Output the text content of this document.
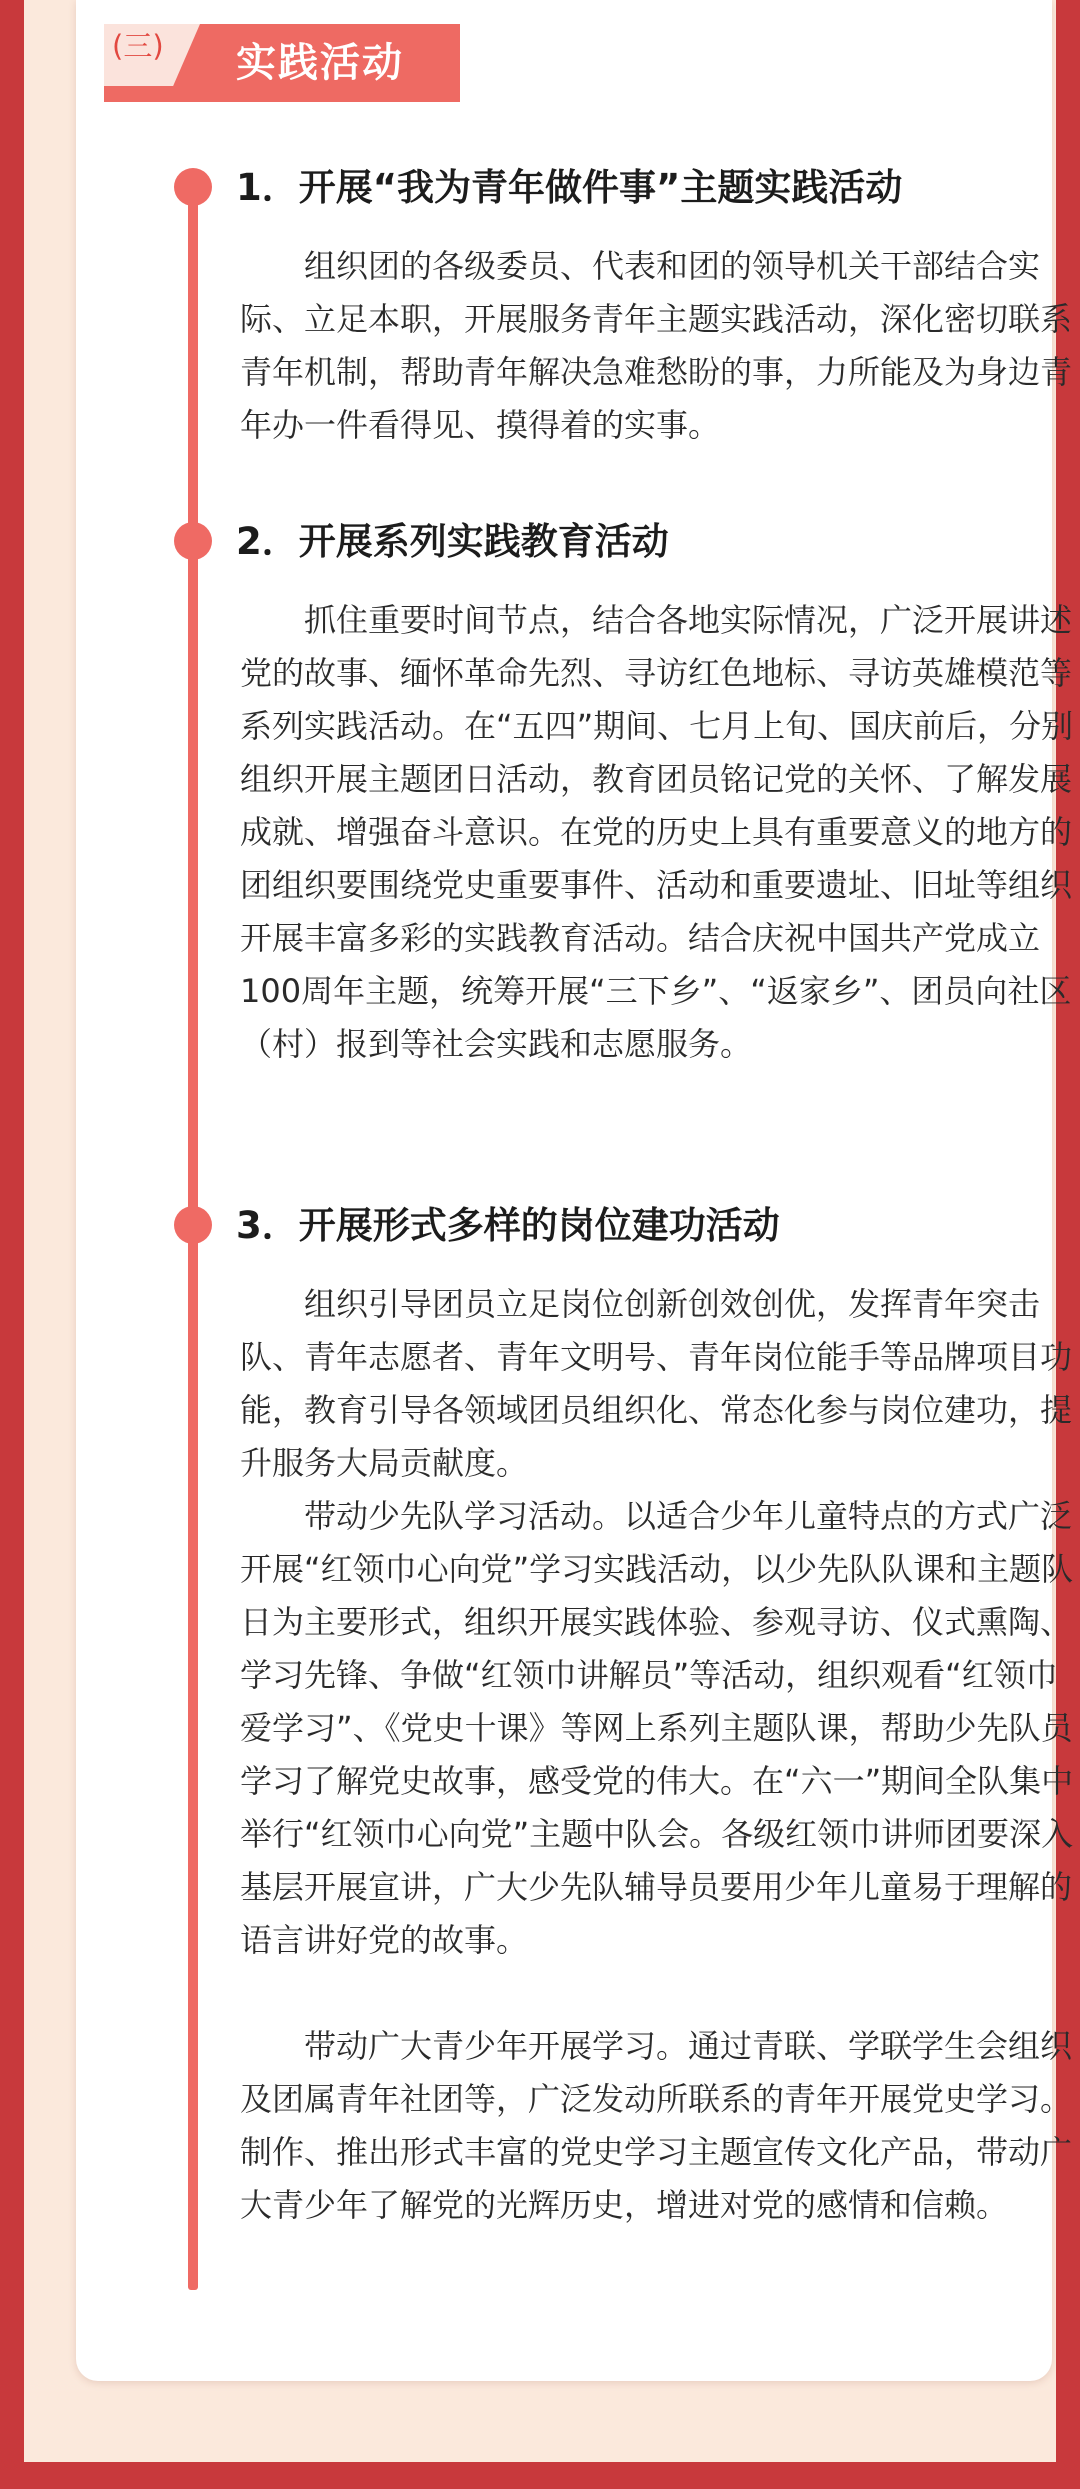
(三) 实践活动
1．开展“我为青年做件事”主题实践活动

组织团的各级委员、代表和团的领导机关干部结合实际、立足本职，开展服务青年主题实践活动，深化密切联系青年机制，帮助青年解决急难愁盼的事，力所能及为身边青年办一件看得见、摸得着的实事。

2．开展系列实践教育活动

抓住重要时间节点，结合各地实际情况，广泛开展讲述党的故事、缅怀革命先烈、寻访红色地标、寻访英雄模范等系列实践活动。在“五四”期间、七月上旬、国庆前后，分别组织开展主题团日活动，教育团员铭记党的关怀、了解发展成就、增强奋斗意识。在党的历史上具有重要意义的地方的团组织要围绕党史重要事件、活动和重要遗址、旧址等组织开展丰富多彩的实践教育活动。结合庆祝中国共产党成立100周年主题，统筹开展“三下乡”、“返家乡”、团员向社区（村）报到等社会实践和志愿服务。

3．开展形式多样的岗位建功活动

组织引导团员立足岗位创新创效创优，发挥青年突击队、青年志愿者、青年文明号、青年岗位能手等品牌项目功能，教育引导各领域团员组织化、常态化参与岗位建功，提升服务大局贡献度。

带动少先队学习活动。以适合少年儿童特点的方式广泛开展“红领巾心向党”学习实践活动，以少先队队课和主题队日为主要形式，组织开展实践体验、参观寻访、仪式熏陶、学习先锋、争做“红领巾讲解员”等活动，组织观看“红领巾爱学习”、《党史十课》等网上系列主题队课，帮助少先队员学习了解党史故事，感受党的伟大。在“六一”期间全队集中举行“红领巾心向党”主题中队会。各级红领巾讲师团要深入基层开展宣讲，广大少先队辅导员要用少年儿童易于理解的语言讲好党的故事。

带动广大青少年开展学习。通过青联、学联学生会组织及团属青年社团等，广泛发动所联系的青年开展党史学习。制作、推出形式丰富的党史学习主题宣传文化产品，带动广大青少年了解党的光辉历史，增进对党的感情和信赖。
